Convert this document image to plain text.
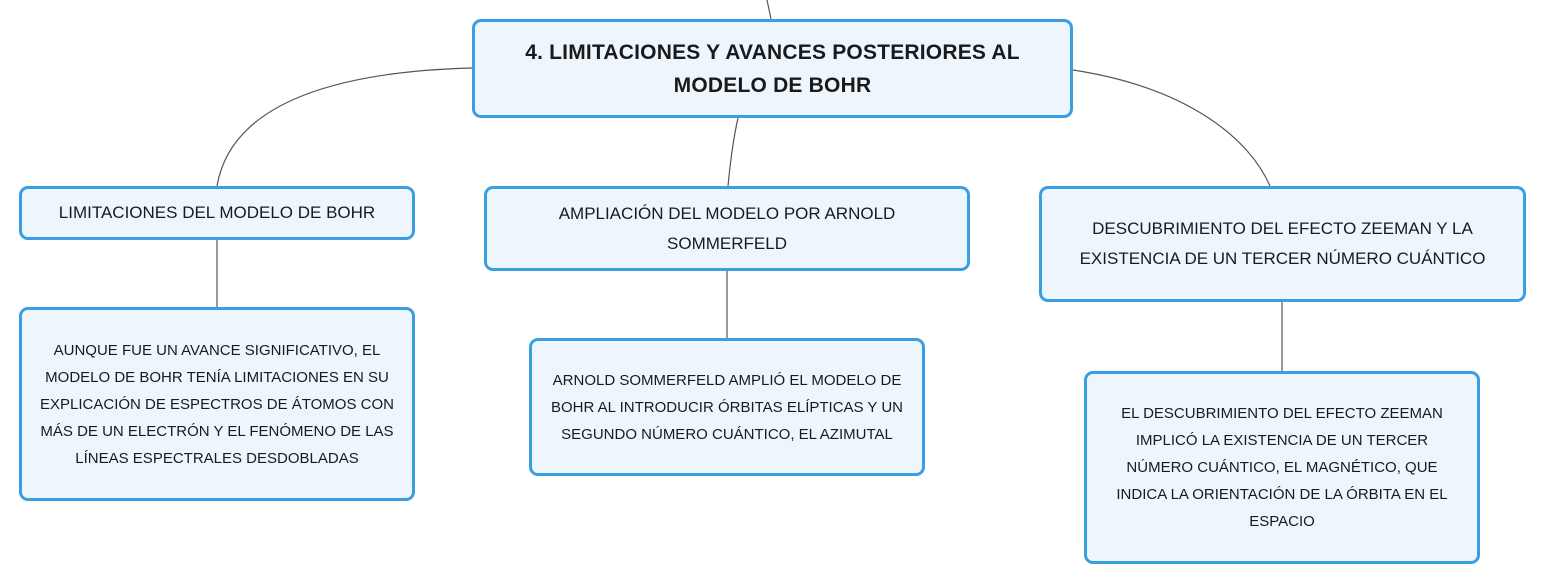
4. LIMITACIONES Y AVANCES POSTERIORES AL MODELO DE BOHR
LIMITACIONES DEL MODELO DE BOHR	AMPLIACIÓN DEL MODELO POR ARNOLD SOMMERFELD
DESCUBRIMIENTO DEL EFECTO ZEEMAN Y LA EXISTENCIA DE UN TERCER NÚMERO CUÁNTICO
AUNQUE FUE UN AVANCE SIGNIFICATIVO, EL MODELO DE BOHR TENÍA LIMITACIONES EN SU EXPLICACIÓN DE ESPECTROS DE ÁTOMOS CON MÁS DE UN ELECTRÓN Y EL FENÓMENO DE LAS LÍNEAS ESPECTRALES DESDOBLADAS
ARNOLD SOMMERFELD AMPLIÓ EL MODELO DE BOHR AL INTRODUCIR ÓRBITAS ELÍPTICAS Y UN SEGUNDO NÚMERO CUÁNTICO, EL AZIMUTAL
EL DESCUBRIMIENTO DEL EFECTO ZEEMAN IMPLICÓ LA EXISTENCIA DE UN TERCER NÚMERO CUÁNTICO, EL MAGNÉTICO, QUE INDICA LA ORIENTACIÓN DE LA ÓRBITA EN EL ESPACIO
